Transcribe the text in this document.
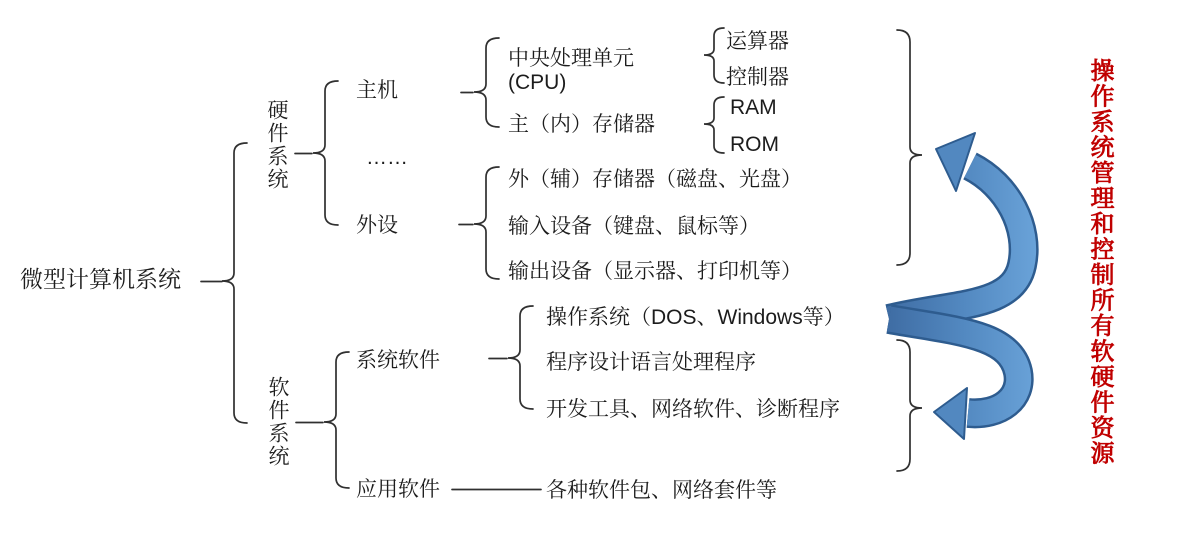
微型计算机系统
硬件系统
软件系统
主机
……
外设
中央处理单元
(CPU)
主（内）存储器
运算器
控制器
RAM
ROM
外（辅）存储器（磁盘、光盘）
输入设备（键盘、鼠标等）
输出设备（显示器、打印机等）
系统软件
操作系统（DOS、Windows等）
程序设计语言处理程序
开发工具、网络软件、诊断程序
应用软件	各种软件包、网络套件等
操作系统管理和控制所有软硬件资源
